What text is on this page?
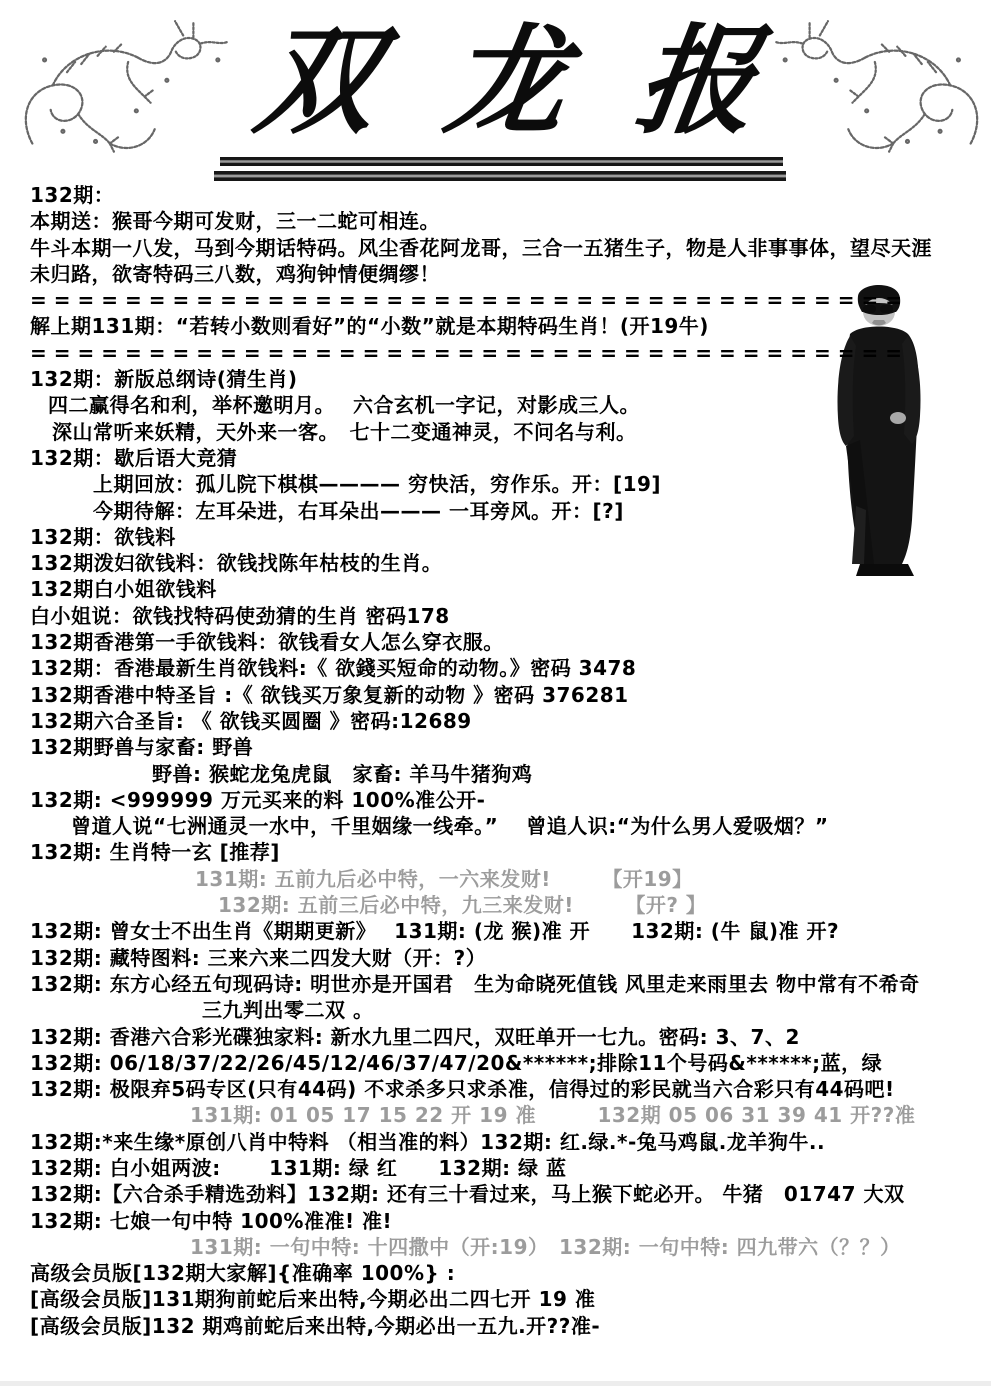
双龙报
132期：
本期送：猴哥今期可发财，三一二蛇可相连。
牛斗本期一八发，马到今期话特码。风尘香花阿龙哥，三合一五猪生子，物是人非事事体，望尽天涯
未归路，欲寄特码三八数，鸡狗钟情便绸缪！
=====================================
解上期131期：“若转小数则看好”的“小数”就是本期特码生肖！(开19牛)
=====================================
132期：新版总纲诗(猜生肖)
四二赢得名和利，举杯邀明月。　 六合玄机一字记，对影成三人。
深山常听来妖精，天外来一客。　七十二变通神灵，不问名与利。
132期：歇后语大竞猜
上期回放：孤儿院下棋棋———— 穷快活，穷作乐。开：[19]
今期待解：左耳朵进，右耳朵出——— 一耳旁风。开：[?]
132期：欲钱料
132期泼妇欲钱料：欲钱找陈年枯枝的生肖。
132期白小姐欲钱料
白小姐说：欲钱找特码使劲猜的生肖 密码178
132期香港第一手欲钱料：欲钱看女人怎么穿衣服。
132期：香港最新生肖欲钱料:《 欲錢买短命的动物。》密码 3478
132期香港中特圣旨 :《 欲钱买万象复新的动物 》密码 376281
132期六合圣旨: 《 欲钱买圆圈 》密码:12689
132期野兽与家畜: 野兽
野兽: 猴蛇龙兔虎鼠　家畜: 羊马牛猪狗鸡
132期: <999999 万元买来的料 100%准公开-
曾道人说“七洲通灵一水中，千里姻缘一线牵。”　 曾追人识:“为什么男人爱吸烟？”
132期: 生肖特一玄 [推荐]
131期: 五前九后必中特，一六来发财!　　　【开19】
132期: 五前三后必中特，九三来发财!　　　【开? 】
132期: 曾女士不出生肖《期期更新》　 131期: (龙 猴)准 开　　132期: (牛 鼠)准 开?
132期: 藏特图料: 三来六来二四发大财（开：?）
132期: 东方心经五句现码诗: 明世亦是开国君　生为命晓死值钱 风里走来雨里去 物中常有不希奇
三九判出零二双 。
132期: 香港六合彩光碟独家料: 新水九里二四尺，双旺单开一七九。密码: 3、7、2
132期: 06/18/37/22/26/45/12/46/37/47/20&******;排除11个号码&******;蓝，绿
132期: 极限弃5码专区(只有44码) 不求杀多只求杀准，信得过的彩民就当六合彩只有44码吧!
131期: 01 05 17 15 22 开 19 准　　　132期 05 06 31 39 41 开??准
132期:*来生缘*原创八肖中特料 （相当准的料）132期: 红.绿.*-兔马鸡鼠.龙羊狗牛..
132期: 白小姐两波:　　 131期: 绿 红　　132期: 绿 蓝
132期:【六合杀手精选劲料】132期: 还有三十看过来，马上猴下蛇必开。 牛猪　01747 大双
132期: 七娘一句中特 100%准准! 准!
131期: 一句中特: 十四撒中（开:19）　132期: 一句中特: 四九带六（？？）
高级会员版[132期大家解]{准确率 100%} :
[高级会员版]131期狗前蛇后来出特,今期必出二四七开 19 准
[高级会员版]132 期鸡前蛇后来出特,今期必出一五九.开??准-
